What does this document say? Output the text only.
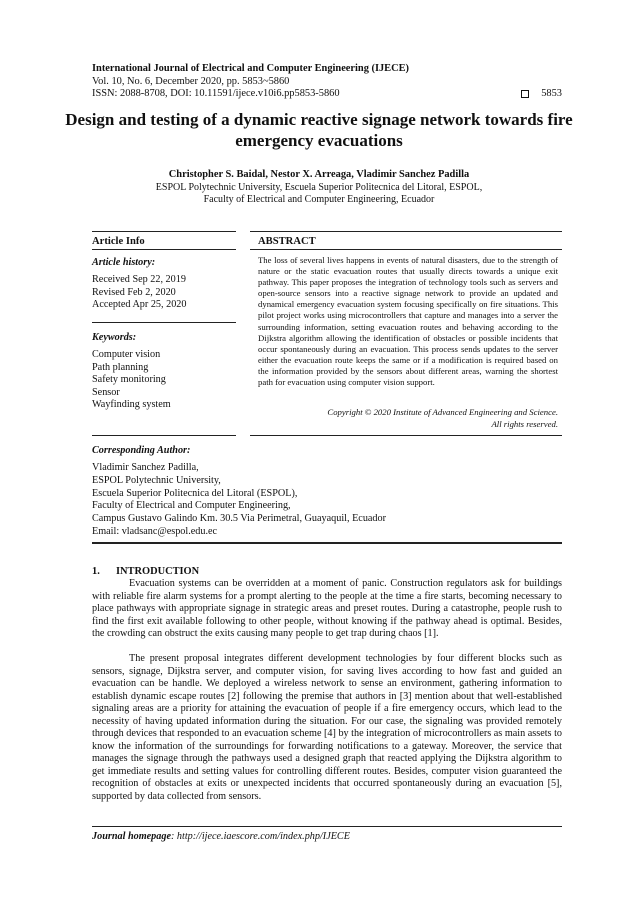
International Journal of Electrical and Computer Engineering (IJECE)
Vol. 10, No. 6, December 2020, pp. 5853~5860
ISSN: 2088-8708, DOI: 10.11591/ijece.v10i6.pp5853-5860	5853
Design and testing of a dynamic reactive signage network towards fire emergency evacuations
Christopher S. Baidal, Nestor X. Arreaga, Vladimir Sanchez Padilla
ESPOL Polytechnic University, Escuela Superior Politecnica del Litoral, ESPOL,
Faculty of Electrical and Computer Engineering, Ecuador
Article Info
Article history:
Received Sep 22, 2019
Revised Feb 2, 2020
Accepted Apr 25, 2020
Keywords:
Computer vision
Path planning
Safety monitoring
Sensor
Wayfinding system
ABSTRACT
The loss of several lives happens in events of natural disasters, due to the strength of nature or the static evacuation routes that usually directs towards a unique exit pathway. This paper proposes the integration of technology tools such as servers and open-source sensors into a reactive signage network to provide an updated and dynamical emergency evacuation system focusing specifically on fire situations. This pilot project works using microcontrollers that capture and manages into a server the surrounding information, setting evacuation routes and behaving according to the Dijkstra algorithm allowing the identification of obstacles or possible incidents that occur spontaneously during an evacuation. This process sends updates to the server either the evacuation route keeps the same or if a modification is required based on the information provided by the sensors about different areas, warning the shortest path for evacuation using computer vision support.
Copyright © 2020 Institute of Advanced Engineering and Science.
All rights reserved.
Corresponding Author:
Vladimir Sanchez Padilla,
ESPOL Polytechnic University,
Escuela Superior Politecnica del Litoral (ESPOL),
Faculty of Electrical and Computer Engineering,
Campus Gustavo Galindo Km. 30.5 Via Perimetral, Guayaquil, Ecuador
Email: vladsanc@espol.edu.ec
1. INTRODUCTION

Evacuation systems can be overridden at a moment of panic. Construction regulators ask for buildings with reliable fire alarm systems for a prompt alerting to the people at the time a fire starts, becoming necessary to place pathways with appropriate signage in strategic areas and preset routes. During a catastrophe, people rush to find the first exit available following to other people, without knowing if the pathway ahead is optimal. Besides, the crowding can obstruct the exits causing many people to get trap during chaos [1].

The present proposal integrates different development technologies by four different blocks such as sensors, signage, Dijkstra server, and computer vision, for saving lives according to how fast and guided an evacuation can be handle. We deployed a wireless network to sense an environment, gathering information to establish dynamic escape routes [2] following the premise that authors in [3] mention about that well-established signaling areas are a priority for attaining the evacuation of people if a fire emergency occurs, which lead to the necessity of having updated information during the situation. For our case, the signaling was provided remotely through devices that responded to an evacuation scheme [4] by the integration of microcontrollers as main assets to know the information of the surroundings for forwarding notifications to a gateway. Moreover, the service that manages the signage through the pathways used a designed graph that reacted applying the Dijkstra algorithm to get immediate results and setting values for controlling different routes. Besides, computer vision guaranteed the recognition of obstacles at exits or unexpected incidents that occurred spontaneously during an evacuation [5], supported by data collected from sensors.

Journal homepage: http://ijece.iaescore.com/index.php/IJECE
